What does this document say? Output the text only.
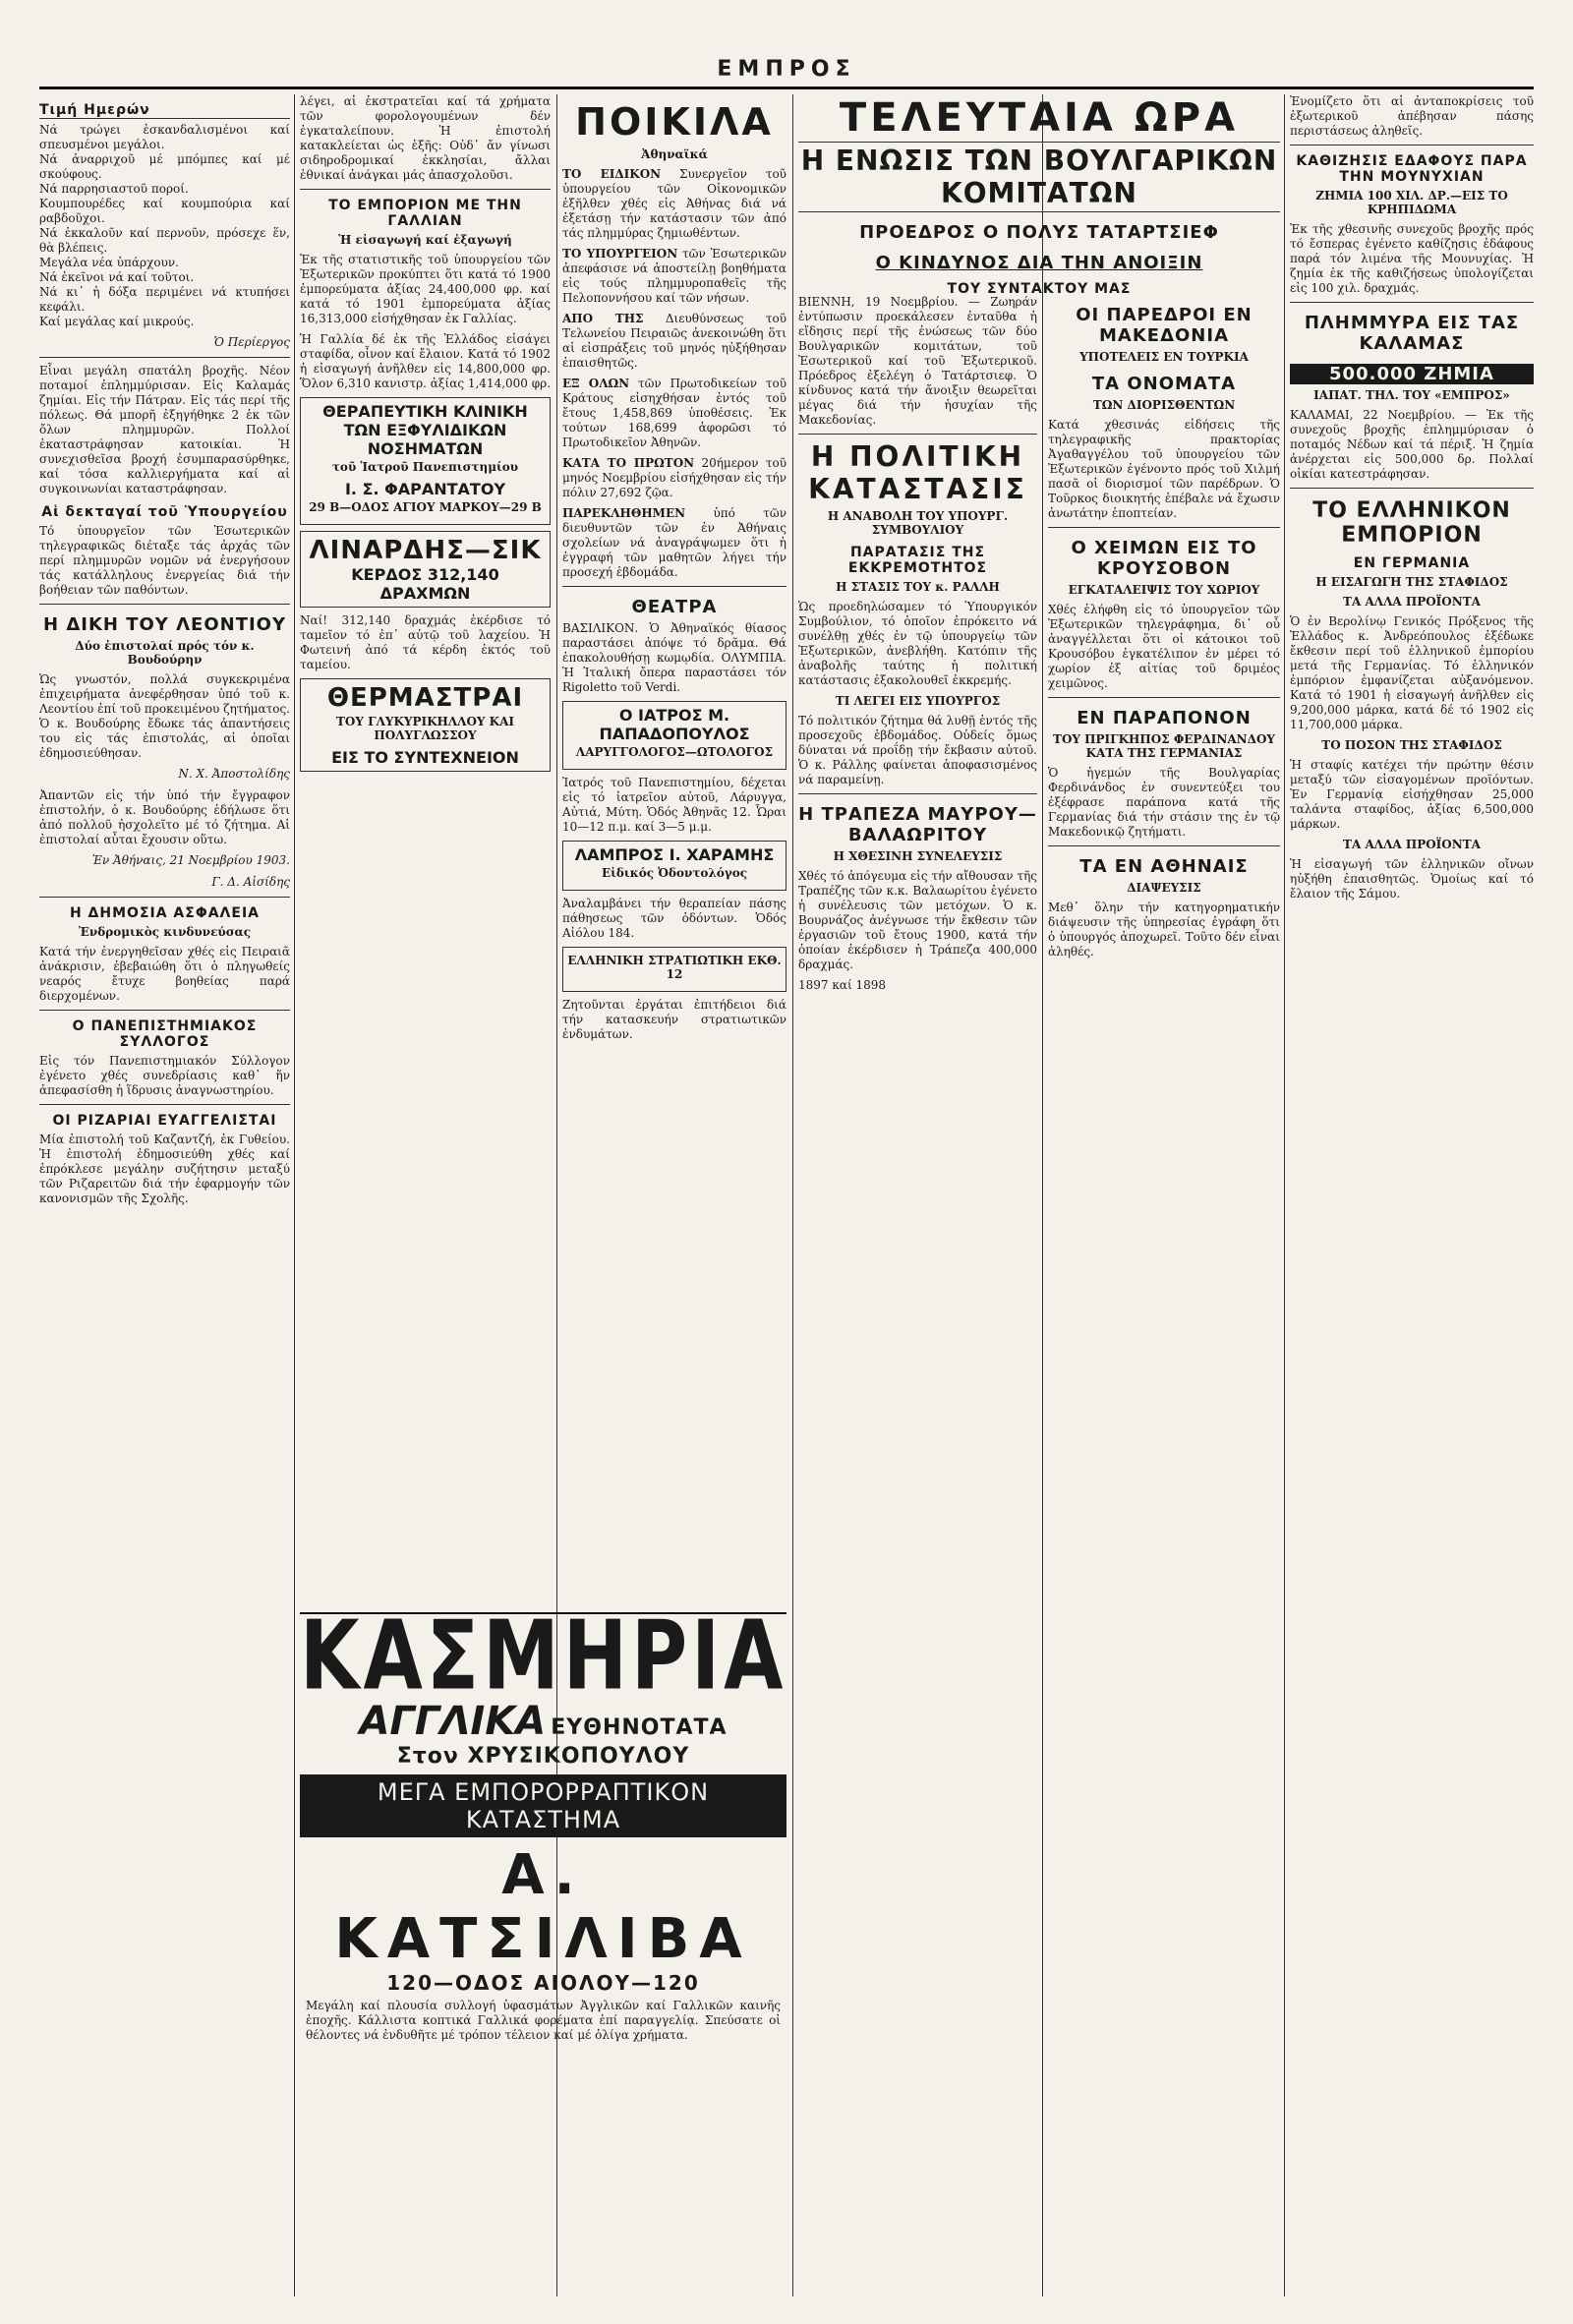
ΕΜΠΡΟΣ
Τιμή Ημερών
Νά τρώγει ἐσκανδαλισμένοι καί σπευσμένοι μεγάλοι.
Νά ἀναρριχοῦ μέ μπόμπες καί μέ σκούφους.
Νά παρρησιαστοῦ ποροί.
Κουμπουρέδες καί κουμπούρια καί ραβδοῦχοι.
Νά ἐκκαλοῦν καί περνοῦν, πρόσεχε ἕν, θὰ βλέπεις.
Μεγάλα νέα ὑπάρχουν.
Νά ἐκεῖνοι νά καί τοῦτοι.
Νά κι᾽ ἡ δόξα περιμένει νά κτυπήσει κεφάλι.
Καί μεγάλας καί μικρούς.
Ὁ Περίεργος

Εἶναι μεγάλη σπατάλη βροχῆς. Νέον ποταμοί ἐπλημμύρισαν. Εἰς Καλαμάς ζημίαι. Εἰς τήν Πάτραν. Εἰς τάς περί τῆς πόλεως. Θά μπορῆ ἐξηγήθηκε 2 ἐκ τῶν ὄλων πλημμυρῶν. Πολλοί ἐκαταστράφησαν κατοικίαι. Ἡ συνεχισθεῖσα βροχή ἐσυμπαρασύρθηκε, καί τόσα καλλιεργήματα καί αἱ συγκοινωνίαι καταστράφησαν.

Αἱ δεκταγαί τοῦ Ὑπουργείου

Τό ὑπουργεῖον τῶν Ἐσωτερικῶν τηλεγραφικῶς διέταξε τάς ἀρχάς τῶν περί πλημμυρῶν νομῶν νά ἐνεργήσουν τάς κατάλληλους ἐνεργείας διά τήν βοήθειαν τῶν παθόντων.

Η ΔΙΚΗ ΤΟΥ ΛΕΟΝΤΙΟΥ
Δύο ἐπιστολαί πρός τόν κ. Βουδούρην

Ὡς γνωστόν, πολλά συγκεκριμένα ἐπιχειρήματα ἀνεφέρθησαν ὑπό τοῦ κ. Λεοντίου ἐπί τοῦ προκειμένου ζητήματος. Ὁ κ. Βουδούρης ἔδωκε τάς ἀπαντήσεις του εἰς τάς ἐπιστολάς, αἱ ὁποῖαι ἐδημοσιεύθησαν.

Ν. Χ. Ἀποστολίδης

Ἀπαντῶν εἰς τήν ὑπό τήν ἔγγραφον ἐπιστολήν, ὁ κ. Βουδούρης ἐδήλωσε ὅτι ἀπό πολλοῦ ἠσχολεῖτο μέ τό ζήτημα. Αἱ ἐπιστολαί αὗται ἔχουσιν οὕτω.

Ἐν Ἀθήναις, 21 Νοεμβρίου 1903.
Γ. Δ. Αἰσίδης
Η ΔΗΜΟΣΙΑ ΑΣΦΑΛΕΙΑ
Ἐνδρομικὸς κινδυνεύσας

Κατά τήν ἐνεργηθεῖσαν χθές εἰς Πειραιᾶ ἀνάκρισιν, ἐβεβαιώθη ὅτι ὁ πληγωθείς νεαρός ἔτυχε βοηθείας παρά διερχομένων.

Ο ΠΑΝΕΠΙΣΤΗΜΙΑΚΟΣ ΣΥΛΛΟΓΟΣ

Εἰς τόν Πανεπιστημιακόν Σύλλογον ἐγένετο χθές συνεδρίασις καθ᾽ ἥν ἀπεφασίσθη ἡ ἵδρυσις ἀναγνωστηρίου.

ΟΙ ΡΙΖΑΡΙΑΙ ΕΥΑΓΓΕΛΙΣΤΑΙ

Μία ἐπιστολή τοῦ Καζαντζή, ἐκ Γυθείου. Ἡ ἐπιστολή ἐδημοσιεύθη χθές καί ἐπρόκλεσε μεγάλην συζήτησιν μεταξύ τῶν Ριζαρειτῶν διά τήν ἐφαρμογήν τῶν κανονισμῶν τῆς Σχολῆς.

λέγει, αἱ ἐκστρατεῖαι καί τά χρήματα τῶν φορολογουμένων δέν ἐγκαταλείπουν. Ἡ ἐπιστολή κατακλείεται ὡς ἑξῆς: Οὐδ᾽ ἄν γίνωσι σιδηροδρομικαί ἐκκλησίαι, ἄλλαι ἐθνικαί ἀνάγκαι μάς ἀπασχολοῦσι.

ΤΟ ΕΜΠΟΡΙΟΝ ΜΕ ΤΗΝ ΓΑΛΛΙΑΝ
Ἡ εἰσαγωγή καί ἐξαγωγή

Ἐκ τῆς στατιστικῆς τοῦ ὑπουργείου τῶν Ἐξωτερικῶν προκύπτει ὅτι κατά τό 1900 ἐμπορεύματα ἀξίας 24,400,000 φρ. καί κατά τό 1901 ἐμπορεύματα ἀξίας 16,313,000 εἰσήχθησαν ἐκ Γαλλίας.

Ἡ Γαλλία δέ ἐκ τῆς Ἑλλάδος εἰσάγει σταφίδα, οἶνον καί ἔλαιον. Κατά τό 1902 ἡ εἰσαγωγή ἀνῆλθεν εἰς 14,800,000 φρ. Ὅλον 6,310 κανιστρ. ἀξίας 1,414,000 φρ.

ΘΕΡΑΠΕΥΤΙΚΗ ΚΛΙΝΙΚΗ
ΤΩΝ ΕΞΦΥΛΙΔΙΚΩΝ ΝΟΣΗΜΑΤΩΝ
τοῦ Ἰατροῦ Πανεπιστημίου
Ι. Σ. ΦΑΡΑΝΤΑΤΟΥ
29 Β—ΟΔΟΣ ΑΓΙΟΥ ΜΑΡΚΟΥ—29 Β
ΛΙΝΑΡΔΗΣ—ΣΙΚ
ΚΕΡΔΟΣ 312,140 ΔΡΑΧΜΩΝ

Ναί! 312,140 δραχμάς ἐκέρδισε τό ταμεῖον τό ἐπ᾽ αὐτῷ τοῦ λαχείου. Ἡ Φωτεινή ἀπό τά κέρδη ἐκτός τοῦ ταμείου.

ΘΕΡΜΑΣΤΡΑΙ
ΤΟΥ ΓΛΥΚΥΡΙΚΗΛΛΟΥ ΚΑΙ ΠΟΛΥΓΛΩΣΣΟΥ
ΕΙΣ ΤΟ ΣΥΝΤΕΧΝΕΙΟΝ
ΠΟΙΚΙΛΑ
Ἀθηναϊκά

ΤΟ ΕΙΔΙΚΟΝ Συνεργεῖον τοῦ ὑπουργείου τῶν Οἰκονομικῶν ἐξῆλθεν χθές εἰς Ἀθήνας διά νά ἐξετάσῃ τήν κατάστασιν τῶν ἀπό τάς πλημμύρας ζημιωθέντων.

ΤΟ ΥΠΟΥΡΓΕΙΟΝ τῶν Ἐσωτερικῶν ἀπεφάσισε νά ἀποστείλῃ βοηθήματα εἰς τούς πλημμυροπαθεῖς τῆς Πελοποννήσου καί τῶν νήσων.

ΑΠΟ ΤΗΣ Διευθύνσεως τοῦ Τελωνείου Πειραιῶς ἀνεκοινώθη ὅτι αἱ εἰσπράξεις τοῦ μηνός ηὐξήθησαν ἐπαισθητῶς.

ΕΞ ΟΛΩΝ τῶν Πρωτοδικείων τοῦ Κράτους εἰσηχθήσαν ἐντός τοῦ ἔτους 1,458,869 ὑποθέσεις. Ἐκ τούτων 168,699 ἀφορῶσι τό Πρωτοδικεῖον Ἀθηνῶν.

ΚΑΤΑ ΤΟ ΠΡΩΤΟΝ 20ήμερον τοῦ μηνός Νοεμβρίου εἰσήχθησαν εἰς τήν πόλιν 27,692 ζῷα.

ΠΑΡΕΚΛΗΘΗΜΕΝ ὑπό τῶν διευθυντῶν τῶν ἐν Ἀθήναις σχολείων νά ἀναγράψωμεν ὅτι ἡ ἐγγραφή τῶν μαθητῶν λήγει τήν προσεχή ἑβδομάδα.

ΘΕΑΤΡΑ

ΒΑΣΙΛΙΚΟΝ. Ὁ Ἀθηναϊκός θίασος παραστάσει ἀπόψε τό δρᾶμα. Θά ἐπακολουθήσῃ κωμῳδία. ΟΛΥΜΠΙΑ. Ἡ Ἰταλική ὄπερα παραστάσει τόν Rigoletto τοῦ Verdi.

Ο ΙΑΤΡΟΣ Μ. ΠΑΠΑΔΟΠΟΥΛΟΣ
ΛΑΡΥΓΓΟΛΟΓΟΣ—ΩΤΟΛΟΓΟΣ

Ἰατρός τοῦ Πανεπιστημίου, δέχεται εἰς τό ἰατρεῖον αὐτοῦ, Λάρυγγα, Αὐτιά, Μύτη. Ὁδός Ἀθηνᾶς 12. Ὧραι 10—12 π.μ. καί 3—5 μ.μ.

ΛΑΜΠΡΟΣ Ι. ΧΑΡΑΜΗΣ
Εἰδικός Ὀδοντολόγος

Ἀναλαμβάνει τήν θεραπείαν πάσης πάθησεως τῶν ὀδόντων. Ὁδός Αἰόλου 184.

ΕΛΛΗΝΙΚΗ ΣΤΡΑΤΙΩΤΙΚΗ ΕΚΘ. 12

Ζητοῦνται ἐργάται ἐπιτήδειοι διά τήν κατασκευήν στρατιωτικῶν ἐνδυμάτων.

ΚΑΣΜΗΡΙΑ
ΑΓΓΛΙΚΑ ΕΥΘΗΝΟΤΑΤΑ
Στον ΧΡΥΣΙΚΟΠΟΥΛΟΥ
ΜΕΓΑ ΕΜΠΟΡΟΡΡΑΠΤΙΚΟΝ ΚΑΤΑΣΤΗΜΑ
Α. ΚΑΤΣΙΛΙΒΑ
120—ΟΔΟΣ ΑΙΟΛΟΥ—120
Μεγάλη καί πλουσία συλλογή ὑφασμάτων Ἀγγλικῶν καί Γαλλικῶν καινῆς ἐποχῆς. Κάλλιστα κοπτικά Γαλλικά φορέματα ἐπί παραγγελίᾳ. Σπεύσατε οἱ θέλοντες νά ἐνδυθῆτε μέ τρόπον τέλειον καί μέ ὀλίγα χρήματα.
ΤΕΛΕΥΤΑΙΑ ΩΡΑ
Η ΕΝΩΣΙΣ ΤΩΝ ΒΟΥΛΓΑΡΙΚΩΝ ΚΟΜΙΤΑΤΩΝ
ΠΡΟΕΔΡΟΣ Ο ΠΟΛΥΣ ΤΑΤΑΡΤΣΙΕΦ
Ο ΚΙΝΔΥΝΟΣ ΔΙΑ ΤΗΝ ΑΝΟΙΞΙΝ
ΤΟΥ ΣΥΝΤΑΚΤΟΥ ΜΑΣ

ΒΙΕΝΝΗ, 19 Νοεμβρίου. — Ζωηράν ἐντύπωσιν προεκάλεσεν ἐνταῦθα ἡ εἴδησις περί τῆς ἐνώσεως τῶν δύο Βουλγαρικῶν κομιτάτων, τοῦ Ἐσωτερικοῦ καί τοῦ Ἐξωτερικοῦ. Πρόεδρος ἐξελέγη ὁ Τατάρτσιεφ. Ὁ κίνδυνος κατά τήν ἄνοιξιν θεωρεῖται μέγας διά τήν ἡσυχίαν τῆς Μακεδονίας.

Η ΠΟΛΙΤΙΚΗ ΚΑΤΑΣΤΑΣΙΣ
Η ΑΝΑΒΟΛΗ ΤΟΥ ΥΠΟΥΡΓ. ΣΥΜΒΟΥΛΙΟΥ
ΠΑΡΑΤΑΣΙΣ ΤΗΣ ΕΚΚΡΕΜΟΤΗΤΟΣ
Η ΣΤΑΣΙΣ ΤΟΥ κ. ΡΑΛΛΗ

Ὡς προεδηλώσαμεν τό Ὑπουργικόν Συμβούλιον, τό ὁποῖον ἐπρόκειτο νά συνέλθῃ χθές ἐν τῷ ὑπουργείῳ τῶν Ἐξωτερικῶν, ἀνεβλήθη. Κατόπιν τῆς ἀναβολῆς ταύτης ἡ πολιτική κατάστασις ἐξακολουθεῖ ἐκκρεμής.

ΤΙ ΛΕΓΕΙ ΕΙΣ ΥΠΟΥΡΓΟΣ

Τό πολιτικόν ζήτημα θά λυθῇ ἐντός τῆς προσεχοῦς ἑβδομάδος. Οὐδείς ὅμως δύναται νά προΐδῃ τήν ἔκβασιν αὐτοῦ. Ὁ κ. Ράλλης φαίνεται ἀποφασισμένος νά παραμείνῃ.

Η ΤΡΑΠΕΖΑ ΜΑΥΡΟΥ—ΒΑΛΑΩΡΙΤΟΥ
Η ΧΘΕΣΙΝΗ ΣΥΝΕΛΕΥΣΙΣ

Χθές τό ἀπόγευμα εἰς τήν αἴθουσαν τῆς Τραπέζης τῶν κ.κ. Βαλαωρίτου ἐγένετο ἡ συνέλευσις τῶν μετόχων. Ὁ κ. Βουρνάζος ἀνέγνωσε τήν ἔκθεσιν τῶν ἐργασιῶν τοῦ ἔτους 1900, κατά τήν ὁποίαν ἐκέρδισεν ἡ Τράπεζα 400,000 δραχμάς.

1897 καί 1898

ΟΙ ΠΑΡΕΔΡΟΙ ΕΝ ΜΑΚΕΔΟΝΙΑ
ΥΠΟΤΕΛΕΙΣ ΕΝ ΤΟΥΡΚΙΑ
ΤΑ ΟΝΟΜΑΤΑ
ΤΩΝ ΔΙΟΡΙΣΘΕΝΤΩΝ

Κατά χθεσινάς εἰδήσεις τῆς τηλεγραφικῆς πρακτορίας Ἀγαθαγγέλου τοῦ ὑπουργείου τῶν Ἐξωτερικῶν ἐγένοντο πρός τοῦ Χιλμή πασᾶ οἱ διορισμοί τῶν παρέδρων. Ὁ Τοῦρκος διοικητής ἐπέβαλε νά ἔχωσιν ἀνωτάτην ἐποπτείαν.

Ο ΧΕΙΜΩΝ ΕΙΣ ΤΟ ΚΡΟΥΣΟΒΟΝ
ΕΓΚΑΤΑΛΕΙΨΙΣ ΤΟΥ ΧΩΡΙΟΥ

Χθές ἐλήφθη εἰς τό ὑπουργεῖον τῶν Ἐξωτερικῶν τηλεγράφημα, δι᾽ οὗ ἀναγγέλλεται ὅτι οἱ κάτοικοι τοῦ Κρουσόβου ἐγκατέλιπον ἐν μέρει τό χωρίον ἐξ αἰτίας τοῦ δριμέος χειμῶνος.

ΕΝ ΠΑΡΑΠΟΝΟΝ
ΤΟΥ ΠΡΙΓΚΗΠΟΣ ΦΕΡΔΙΝΑΝΔΟΥ ΚΑΤΑ ΤΗΣ ΓΕΡΜΑΝΙΑΣ

Ὁ ἡγεμών τῆς Βουλγαρίας Φερδινάνδος ἐν συνεντεύξει του ἐξέφρασε παράπονα κατά τῆς Γερμανίας διά τήν στάσιν της ἐν τῷ Μακεδονικῷ ζητήματι.

ΤΑ ΕΝ ΑΘΗΝΑΙΣ
ΔΙΑΨΕΥΣΙΣ

Μεθ᾽ ὅλην τήν κατηγορηματικήν διάψευσιν τῆς ὑπηρεσίας ἐγράφη ὅτι ὁ ὑπουργός ἀποχωρεῖ. Τοῦτο δέν εἶναι ἀληθές.

Ἐνομίζετο ὅτι αἱ ἀνταποκρίσεις τοῦ ἐξωτερικοῦ ἀπέβησαν πάσης περιστάσεως ἀληθεῖς.

ΚΑΘΙΖΗΣΙΣ ΕΔΑΦΟΥΣ ΠΑΡΑ ΤΗΝ ΜΟΥΝΥΧΙΑΝ
ΖΗΜΙΑ 100 ΧΙΛ. ΔΡ.—ΕΙΣ ΤΟ ΚΡΗΠΙΔΩΜΑ

Ἐκ τῆς χθεσινῆς συνεχοῦς βροχῆς πρός τό ἔσπερας ἐγένετο καθίζησις ἐδάφους παρά τόν λιμένα τῆς Μουνυχίας. Ἡ ζημία ἐκ τῆς καθιζήσεως ὑπολογίζεται εἰς 100 χιλ. δραχμάς.

ΠΛΗΜΜΥΡΑ ΕΙΣ ΤΑΣ ΚΑΛΑΜΑΣ
500.000 ΖΗΜΙΑ
ΙΑΠΑΤ. ΤΗΛ. ΤΟΥ «ΕΜΠΡΟΣ»

ΚΑΛΑΜΑΙ, 22 Νοεμβρίου. — Ἐκ τῆς συνεχοῦς βροχῆς ἐπλημμύρισαν ὁ ποταμός Νέδων καί τά πέριξ. Ἡ ζημία ἀνέρχεται εἰς 500,000 δρ. Πολλαί οἰκίαι κατεστράφησαν.

ΤΟ ΕΛΛΗΝΙΚΟΝ ΕΜΠΟΡΙΟΝ
ΕΝ ΓΕΡΜΑΝΙΑ
Η ΕΙΣΑΓΩΓΗ ΤΗΣ ΣΤΑΦΙΔΟΣ
ΤΑ ΑΛΛΑ ΠΡΟΪΟΝΤΑ

Ὁ ἐν Βερολίνῳ Γενικός Πρόξενος τῆς Ἑλλάδος κ. Ἀνδρεόπουλος ἐξέδωκε ἔκθεσιν περί τοῦ ἑλληνικοῦ ἐμπορίου μετά τῆς Γερμανίας. Τό ἑλληνικόν ἐμπόριον ἐμφανίζεται αὐξανόμενον. Κατά τό 1901 ἡ εἰσαγωγή ἀνῆλθεν εἰς 9,200,000 μάρκα, κατά δέ τό 1902 εἰς 11,700,000 μάρκα.

ΤΟ ΠΟΣΟΝ ΤΗΣ ΣΤΑΦΙΔΟΣ

Ἡ σταφίς κατέχει τήν πρώτην θέσιν μεταξύ τῶν εἰσαγομένων προϊόντων. Ἐν Γερμανίᾳ εἰσήχθησαν 25,000 ταλάντα σταφίδος, ἀξίας 6,500,000 μάρκων.

ΤΑ ΑΛΛΑ ΠΡΟΪΟΝΤΑ

Ἡ εἰσαγωγή τῶν ἑλληνικῶν οἴνων ηὐξήθη ἐπαισθητῶς. Ὁμοίως καί τό ἔλαιον τῆς Σάμου.
